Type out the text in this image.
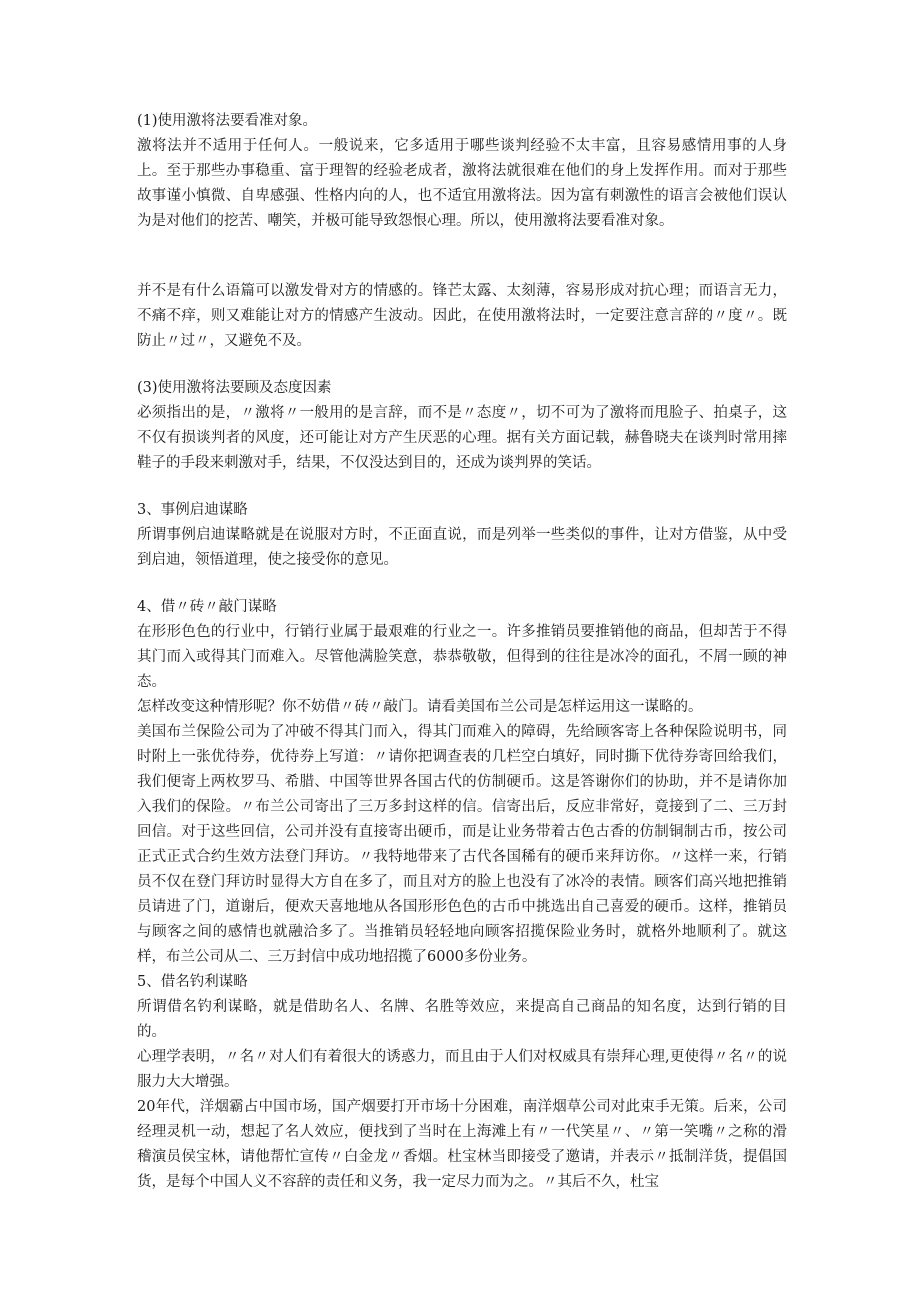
(1)使用激将法要看准对象。

激将法并不适用于任何人。一般说来，它多适用于哪些谈判经验不太丰富，且容易感情用事的人身上。至于那些办事稳重、富于理智的经验老成者，激将法就很难在他们的身上发挥作用。而对于那些故事谨小慎微、自卑感强、性格内向的人，也不适宜用激将法。因为富有刺激性的语言会被他们误认为是对他们的挖苦、嘲笑，并极可能导致怨恨心理。所以，使用激将法要看准对象。

并不是有什么语篇可以激发骨对方的情感的。锋芒太露、太刻薄，容易形成对抗心理；而语言无力，不痛不痒，则又难能让对方的情感产生波动。因此，在使用激将法时，一定要注意言辞的〃度〃。既防止〃过〃，又避免不及。

(3)使用激将法要顾及态度因素

必须指出的是，〃激将〃一般用的是言辞，而不是〃态度〃，切不可为了激将而甩脸子、拍桌子，这不仅有损谈判者的风度，还可能让对方产生厌恶的心理。据有关方面记载，赫鲁晓夫在谈判时常用摔鞋子的手段来刺激对手，结果，不仅没达到目的，还成为谈判界的笑话。

3、事例启迪谋略

所谓事例启迪谋略就是在说服对方时，不正面直说，而是列举一些类似的事件，让对方借鉴，从中受到启迪，领悟道理，使之接受你的意见。

4、借〃砖〃敲门谋略

在形形色色的行业中，行销行业属于最艰难的行业之一。许多推销员要推销他的商品，但却苦于不得其门而入或得其门而难入。尽管他满脸笑意，恭恭敬敬，但得到的往往是冰冷的面孔，不屑一顾的神态。

怎样改变这种情形呢？你不妨借〃砖〃敲门。请看美国布兰公司是怎样运用这一谋略的。

美国布兰保险公司为了冲破不得其门而入，得其门而难入的障碍，先给顾客寄上各种保险说明书，同时附上一张优待券，优待券上写道：〃请你把调查表的几栏空白填好，同时撕下优待券寄回给我们，我们便寄上两枚罗马、希腊、中国等世界各国古代的仿制硬币。这是答谢你们的协助，并不是请你加入我们的保险。〃布兰公司寄出了三万多封这样的信。信寄出后，反应非常好，竟接到了二、三万封回信。对于这些回信，公司并没有直接寄出硬币，而是让业务带着古色古香的仿制铜制古币，按公司正式正式合约生效方法登门拜访。〃我特地带来了古代各国稀有的硬币来拜访你。〃这样一来，行销员不仅在登门拜访时显得大方自在多了，而且对方的脸上也没有了冰冷的表情。顾客们高兴地把推销员请进了门，道谢后，便欢天喜地地从各国形形色色的古币中挑选出自己喜爱的硬币。这样，推销员与顾客之间的感情也就融洽多了。当推销员轻轻地向顾客招揽保险业务时，就格外地顺利了。就这样，布兰公司从二、三万封信中成功地招揽了6000多份业务。

5、借名钓利谋略

所谓借名钓利谋略，就是借助名人、名牌、名胜等效应，来提高自己商品的知名度，达到行销的目的。

心理学表明，〃名〃对人们有着很大的诱惑力，而且由于人们对权威具有崇拜心理,更使得〃名〃的说服力大大增强。

20年代，洋烟霸占中国市场，国产烟要打开市场十分困难，南洋烟草公司对此束手无策。后来，公司经理灵机一动，想起了名人效应，便找到了当时在上海滩上有〃一代笑星〃、〃第一笑嘴〃之称的滑稽演员侯宝林，请他帮忙宣传〃白金龙〃香烟。杜宝林当即接受了邀请，并表示〃抵制洋货，提倡国货，是每个中国人义不容辞的责任和义务，我一定尽力而为之。〃其后不久，杜宝
